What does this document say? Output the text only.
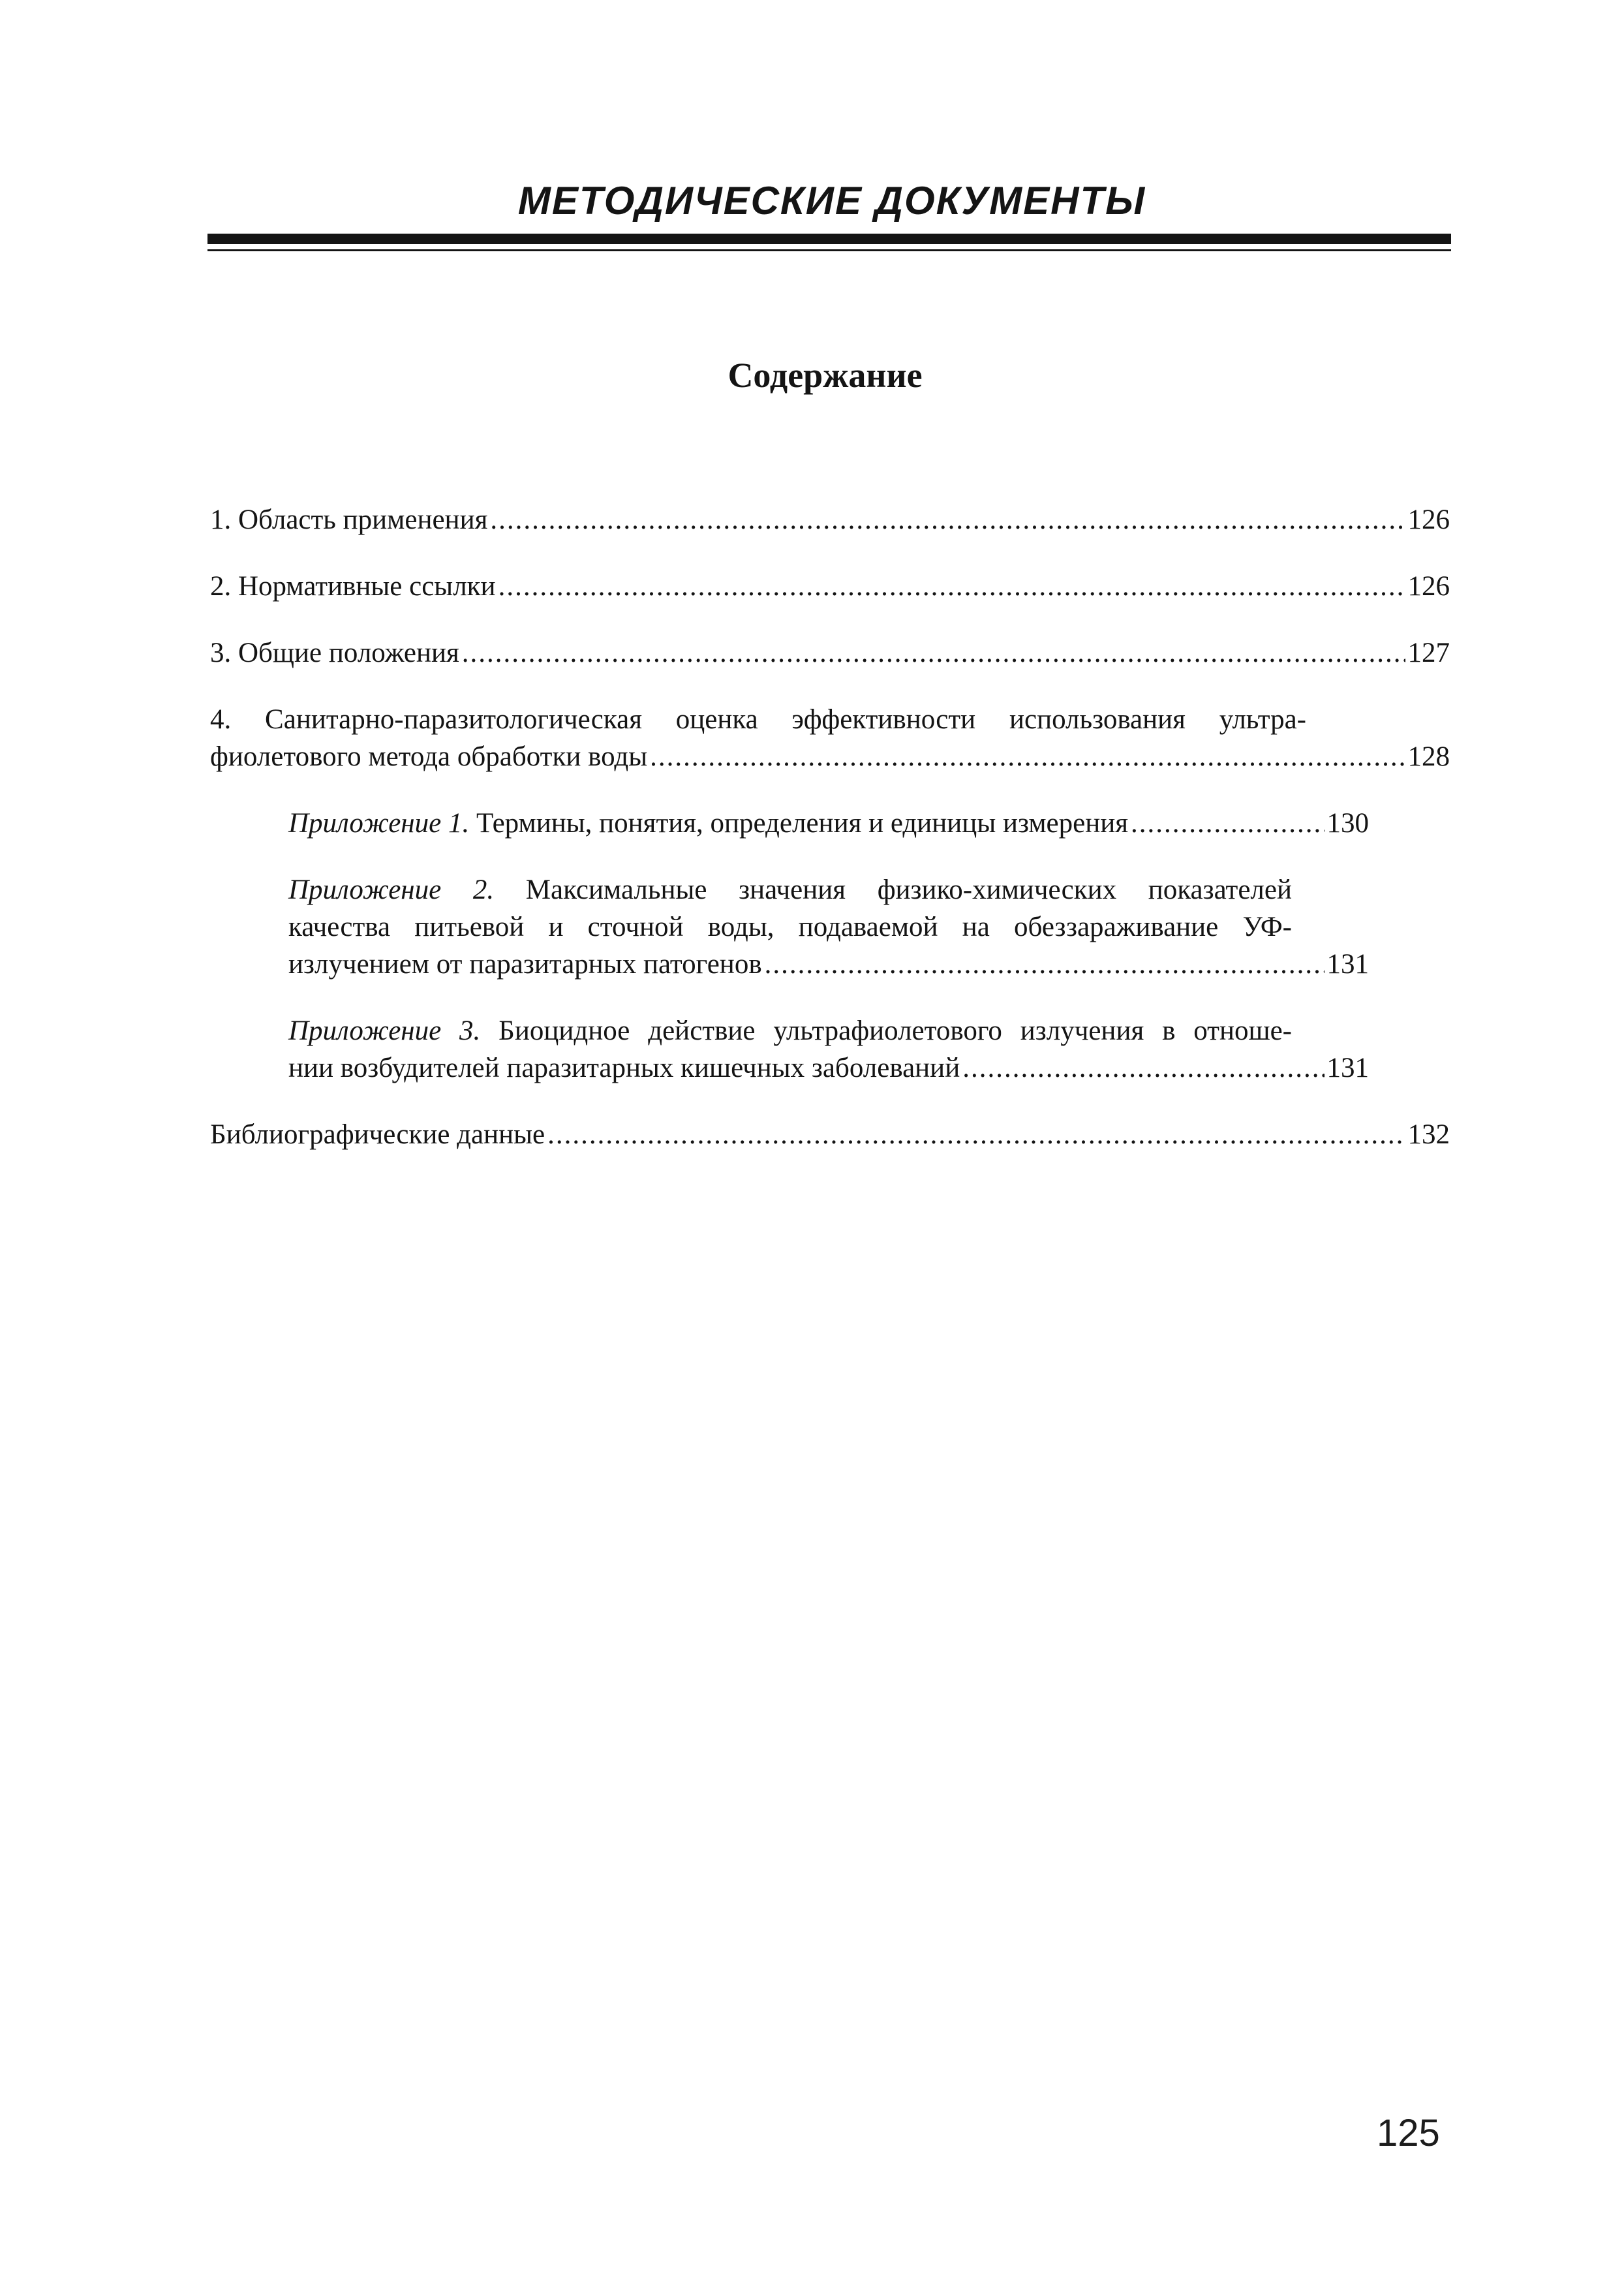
МЕТОДИЧЕСКИЕ ДОКУМЕНТЫ
Содержание
1. Область применения .....	126
2. Нормативные ссылки .....	126
3. Общие положения .....	127
4. Санитарно-паразитологическая оценка эффективности использования ультра-
фиолетового метода обработки воды .....	128
Приложение 1. Термины, понятия, определения и единицы измерения .....	130
Приложение 2. Максимальные значения физико-химических показателей
качества питьевой и сточной воды, подаваемой на обеззараживание УФ-
излучением от паразитарных патогенов .....	131
Приложение 3. Биоцидное действие ультрафиолетового излучения в отноше-
нии возбудителей паразитарных кишечных заболеваний .....	131
Библиографические данные .....	132
125
